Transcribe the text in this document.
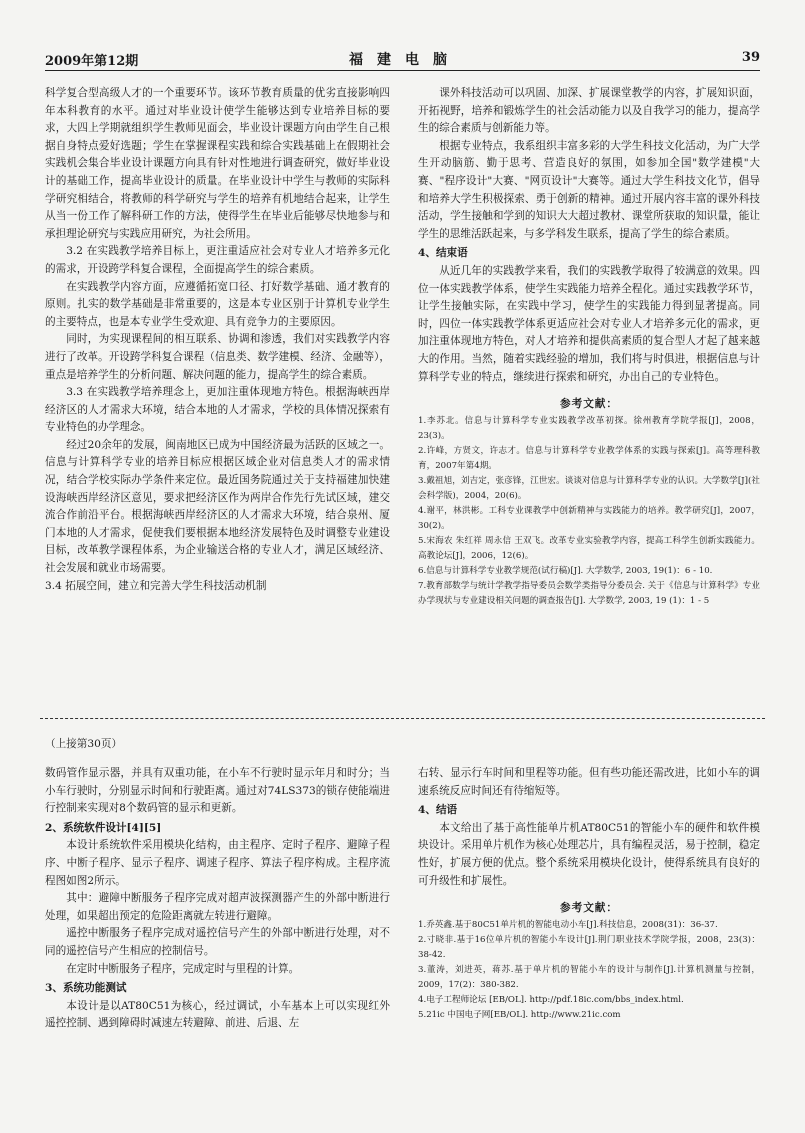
2009年第12期	福建电脑	39

科学复合型高级人才的一个重要环节。该环节教育质量的优劣直接影响四年本科教育的水平。通过对毕业设计使学生能够达到专业培养目标的要求，大四上学期就组织学生教师见面会，毕业设计课题方向由学生自己根据自身特点爱好选题；学生在掌握课程实践和综合实践基础上在假期社会实践机会集合毕业设计课题方向具有针对性地进行调查研究，做好毕业设计的基础工作，提高毕业设计的质量。在毕业设计中学生与教师的实际科学研究相结合，将教师的科学研究与学生的培养有机地结合起来，让学生从当一份工作了解科研工作的方法，使得学生在毕业后能够尽快地参与和承担理论研究与实践应用研究，为社会所用。

3.2 在实践教学培养目标上，更注重适应社会对专业人才培养多元化的需求，开设跨学科复合课程，全面提高学生的综合素质。

在实践教学内容方面，应遵循拓宽口径、打好数学基础、通才教育的原则。扎实的数学基础是非常重要的，这是本专业区别于计算机专业学生的主要特点，也是本专业学生受欢迎、具有竞争力的主要原因。

同时，为实现课程间的相互联系、协调和渗透，我们对实践教学内容进行了改革。开设跨学科复合课程（信息类、数学建模、经济、金融等），重点是培养学生的分析问题、解决问题的能力，提高学生的综合素质。

3.3 在实践教学培养理念上，更加注重体现地方特色。根据海峡西岸经济区的人才需求大环境，结合本地的人才需求，学校的具体情况探索有专业特色的办学理念。

经过20余年的发展，闽南地区已成为中国经济最为活跃的区域之一。信息与计算科学专业的培养目标应根据区域企业对信息类人才的需求情况，结合学校实际办学条件来定位。最近国务院通过关于支持福建加快建设海峡西岸经济区意见，要求把经济区作为两岸合作先行先试区域，建交流合作前沿平台。根据海峡西岸经济区的人才需求大环境，结合泉州、厦门本地的人才需求，促使我们要根据本地经济发展特色及时调整专业建设目标，改革教学课程体系，为企业输送合格的专业人才，满足区域经济、社会发展和就业市场需要。

3.4 拓展空间，建立和完善大学生科技活动机制

课外科技活动可以巩固、加深、扩展课堂教学的内容，扩展知识面，开拓视野，培养和锻炼学生的社会活动能力以及自我学习的能力，提高学生的综合素质与创新能力等。

根据专业特点，我系组织丰富多彩的大学生科技文化活动，为广大学生开动脑筋、勤于思考、营造良好的氛围，如参加全国"数学建模"大赛、"程序设计"大赛、"网页设计"大赛等。通过大学生科技文化节，倡导和培养大学生积极探索、勇于创新的精神。通过开展内容丰富的课外科技活动，学生接触和学到的知识大大超过教材、课堂所获取的知识量，能让学生的思维活跃起来，与多学科发生联系，提高了学生的综合素质。

4、结束语

从近几年的实践教学来看，我们的实践教学取得了较满意的效果。四位一体实践教学体系，使学生实践能力培养全程化。通过实践教学环节，让学生接触实际，在实践中学习，使学生的实践能力得到显著提高。同时，四位一体实践教学体系更适应社会对专业人才培养多元化的需求，更加注重体现地方特色，对人才培养和提供高素质的复合型人才起了越来越大的作用。当然，随着实践经验的增加，我们将与时俱进，根据信息与计算科学专业的特点，继续进行探索和研究，办出自己的专业特色。

参考文献：

1.李苏北。信息与计算科学专业实践教学改革初探。徐州教育学院学报[J]，2008，23(3)。

2.许峰，方贤文，许志才。信息与计算科学专业教学体系的实践与探索[J]。高等理科教育，2007年第4期。

3.戴祖旭，刘吉定，张彦锋，江世宏。谈谈对信息与计算科学专业的认识。大学数学[J](社会科学版)，2004，20(6)。

4.谢平，林洪彬。工科专业课教学中创新精神与实践能力的培养。教学研究[J]，2007，30(2)。

5.宋海农 朱红祥 周永信 王双飞。改革专业实验教学内容，提高工科学生创新实践能力。高教论坛[J]，2006，12(6)。

6.信息与计算科学专业教学规范(试行稿)[J]. 大学数学, 2003, 19(1)：6 - 10.

7.教育部数学与统计学教学指导委员会数学类指导分委员会. 关于《信息与计算科学》专业办学现状与专业建设相关问题的调查报告[J]. 大学数学, 2003, 19 (1)：1 - 5

（上接第30页）

数码管作显示器，并具有双重功能，在小车不行驶时显示年月和时分；当小车行驶时，分别显示时间和行驶距离。通过对74LS373的锁存使能端进行控制来实现对8个数码管的显示和更新。

2、系统软件设计[4][5]

本设计系统软件采用模块化结构，由主程序、定时子程序、避障子程序、中断子程序、显示子程序、调速子程序、算法子程序构成。主程序流程图如图2所示。

其中：避障中断服务子程序完成对超声波探测器产生的外部中断进行处理，如果超出预定的危险距离就左转进行避障。

遥控中断服务子程序完成对遥控信号产生的外部中断进行处理，对不同的遥控信号产生相应的控制信号。

在定时中断服务子程序，完成定时与里程的计算。

3、系统功能测试

本设计是以AT80C51为核心，经过调试，小车基本上可以实现红外遥控控制、遇到障碍时减速左转避障、前进、后退、左

右转、显示行车时间和里程等功能。但有些功能还需改进，比如小车的调速系统反应时间还有待缩短等。

4、结语

本文给出了基于高性能单片机AT80C51的智能小车的硬件和软件模块设计。采用单片机作为核心处理芯片，具有编程灵活，易于控制，稳定性好，扩展方便的优点。整个系统采用模块化设计，使得系统具有良好的可升级性和扩展性。

参考文献：

1.乔英鑫.基于80C51单片机的智能电动小车[J].科技信息，2008(31)：36-37.

2.寸晓非.基于16位单片机的智能小车设计[J].荆门职业技术学院学报，2008，23(3)：38-42.

3.董涛，刘进英，蒋苏.基于单片机的智能小车的设计与制作[J].计算机测量与控制，2009，17(2)：380-382.

4.电子工程师论坛 [EB/OL]. http://pdf.18ic.com/bbs_index.html.

5.21ic 中国电子网[EB/OL]. http://www.21ic.com
